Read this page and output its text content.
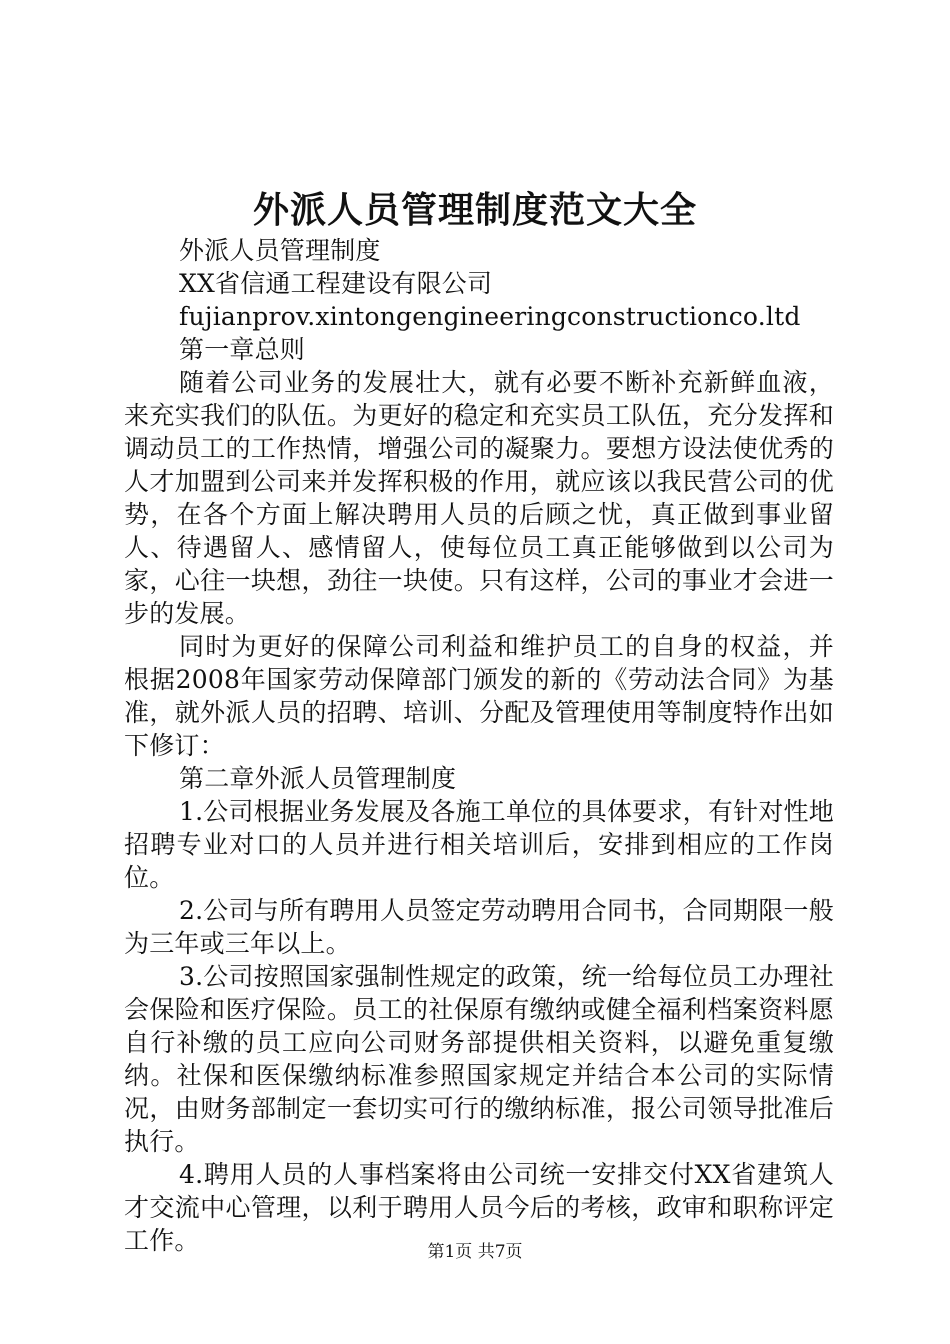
外派人员管理制度范文大全

外派人员管理制度

XX省信通工程建设有限公司

fujianprov.xintongengineeringconstructionco.ltd

第一章总则

随着公司业务的发展壮大，就有必要不断补充新鲜血液，来充实我们的队伍。为更好的稳定和充实员工队伍，充分发挥和调动员工的工作热情，增强公司的凝聚力。要想方设法使优秀的人才加盟到公司来并发挥积极的作用，就应该以我民营公司的优势，在各个方面上解决聘用人员的后顾之忧，真正做到事业留人、待遇留人、感情留人，使每位员工真正能够做到以公司为家，心往一块想，劲往一块使。只有这样，公司的事业才会进一步的发展。

同时为更好的保障公司利益和维护员工的自身的权益，并根据2008年国家劳动保障部门颁发的新的《劳动法合同》为基准，就外派人员的招聘、培训、分配及管理使用等制度特作出如下修订：

第二章外派人员管理制度

1.公司根据业务发展及各施工单位的具体要求，有针对性地招聘专业对口的人员并进行相关培训后，安排到相应的工作岗位。

2.公司与所有聘用人员签定劳动聘用合同书，合同期限一般为三年或三年以上。

3.公司按照国家强制性规定的政策，统一给每位员工办理社会保险和医疗保险。员工的社保原有缴纳或健全福利档案资料愿自行补缴的员工应向公司财务部提供相关资料，以避免重复缴纳。社保和医保缴纳标准参照国家规定并结合本公司的实际情况，由财务部制定一套切实可行的缴纳标准，报公司领导批准后执行。

4.聘用人员的人事档案将由公司统一安排交付XX省建筑人才交流中心管理，以利于聘用人员今后的考核，政审和职称评定工作。	第1页 共7页
